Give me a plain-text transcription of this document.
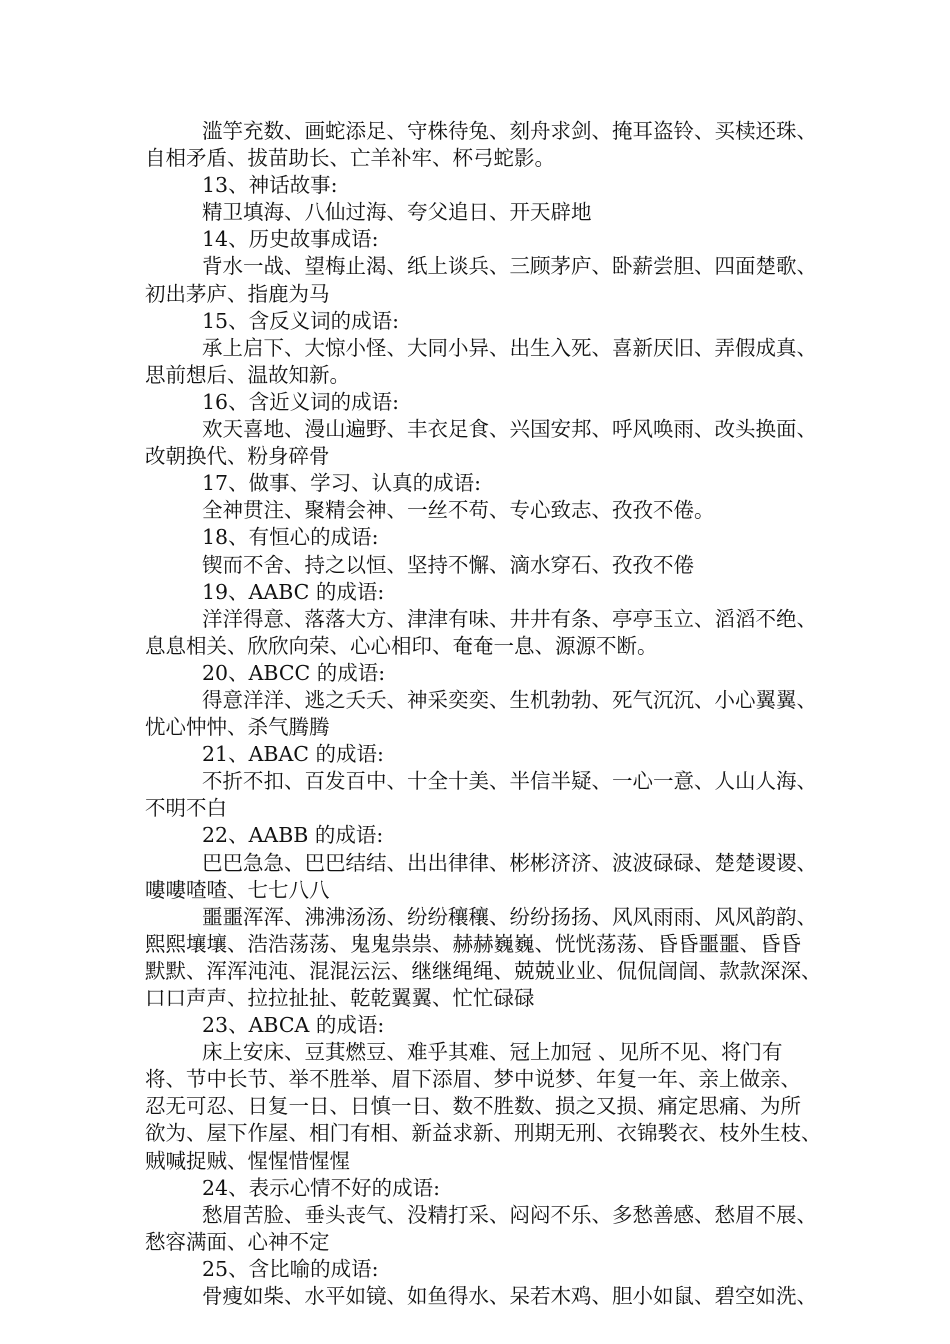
滥竽充数、画蛇添足、守株待兔、刻舟求剑、掩耳盗铃、买椟还珠、
自相矛盾、拔苗助长、亡羊补牢、杯弓蛇影。
13、神话故事:
精卫填海、八仙过海、夸父追日、开天辟地
14、历史故事成语:
背水一战、望梅止渴、纸上谈兵、三顾茅庐、卧薪尝胆、四面楚歌、
初出茅庐、指鹿为马
15、含反义词的成语:
承上启下、大惊小怪、大同小异、出生入死、喜新厌旧、弄假成真、
思前想后、温故知新。
16、含近义词的成语:
欢天喜地、漫山遍野、丰衣足食、兴国安邦、呼风唤雨、改头换面、
改朝换代、粉身碎骨
17、做事、学习、认真的成语:
全神贯注、聚精会神、一丝不苟、专心致志、孜孜不倦。
18、有恒心的成语:
锲而不舍、持之以恒、坚持不懈、滴水穿石、孜孜不倦
19、AABC 的成语:
洋洋得意、落落大方、津津有味、井井有条、亭亭玉立、滔滔不绝、
息息相关、欣欣向荣、心心相印、奄奄一息、源源不断。
20、ABCC 的成语:
得意洋洋、逃之夭夭、神采奕奕、生机勃勃、死气沉沉、小心翼翼、
忧心忡忡、杀气腾腾
21、ABAC 的成语:
不折不扣、百发百中、十全十美、半信半疑、一心一意、人山人海、
不明不白
22、AABB 的成语:
巴巴急急、巴巴结结、出出律律、彬彬济济、波波碌碌、楚楚谡谡、
嘍嘍喳喳、七七八八
噩噩浑浑、沸沸汤汤、纷纷穰穰、纷纷扬扬、风风雨雨、风风韵韵、
熙熙壤壤、浩浩荡荡、鬼鬼祟祟、赫赫巍巍、恍恍荡荡、昏昏噩噩、昏昏
默默、浑浑沌沌、混混沄沄、继继绳绳、兢兢业业、侃侃訚訚、款款深深、
口口声声、拉拉扯扯、乾乾翼翼、忙忙碌碌
23、ABCA 的成语:
床上安床、豆萁燃豆、难乎其难、冠上加冠 、见所不见、将门有
将、节中长节、举不胜举、眉下添眉、梦中说梦、年复一年、亲上做亲、
忍无可忍、日复一日、日慎一日、数不胜数、损之又损、痛定思痛、为所
欲为、屋下作屋、相门有相、新益求新、刑期无刑、衣锦褧衣、枝外生枝、
贼喊捉贼、惺惺惜惺惺
24、表示心情不好的成语:
愁眉苦脸、垂头丧气、没精打采、闷闷不乐、多愁善感、愁眉不展、
愁容满面、心神不定
25、含比喻的成语:
骨瘦如柴、水平如镜、如鱼得水、呆若木鸡、胆小如鼠、碧空如洗、
